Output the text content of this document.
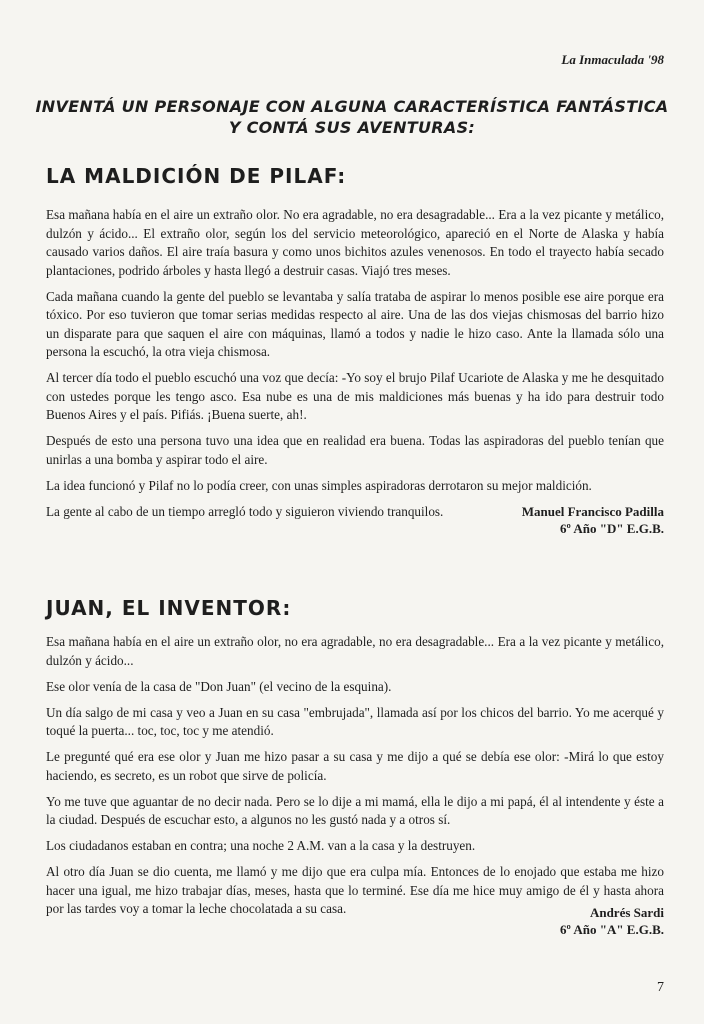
La Inmaculada '98
INVENTÁ UN PERSONAJE CON ALGUNA CARACTERÍSTICA FANTÁSTICA
Y CONTÁ SUS AVENTURAS:
LA MALDICIÓN DE PILAF:

Esa mañana había en el aire un extraño olor. No era agradable, no era desagradable... Era a la vez picante y metálico, dulzón y ácido... El extraño olor, según los del servicio meteorológico, apareció en el Norte de Alaska y había causado varios daños. El aire traía basura y como unos bichitos azules venenosos. En todo el trayecto había secado plantaciones, podrido árboles y hasta llegó a destruir casas. Viajó tres meses.

Cada mañana cuando la gente del pueblo se levantaba y salía trataba de aspirar lo menos posible ese aire porque era tóxico. Por eso tuvieron que tomar serias medidas respecto al aire. Una de las dos viejas chismosas del barrio hizo un disparate para que saquen el aire con máquinas, llamó a todos y nadie le hizo caso. Ante la llamada sólo una persona la escuchó, la otra vieja chismosa.

Al tercer día todo el pueblo escuchó una voz que decía: -Yo soy el brujo Pilaf Ucariote de Alaska y me he desquitado con ustedes porque les tengo asco. Esa nube es una de mis maldiciones más buenas y ha ido para destruir todo Buenos Aires y el país. Pifiás. ¡Buena suerte, ah!.

Después de esto una persona tuvo una idea que en realidad era buena. Todas las aspiradoras del pueblo tenían que unirlas a una bomba y aspirar todo el aire.

La idea funcionó y Pilaf no lo podía creer, con unas simples aspiradoras derrotaron su mejor maldición.

La gente al cabo de un tiempo arregló todo y siguieron viviendo tranquilos.	Manuel Francisco Padilla
6º Año "D" E.G.B.
JUAN, EL INVENTOR:

Esa mañana había en el aire un extraño olor, no era agradable, no era desagradable... Era a la vez picante y metálico, dulzón y ácido...

Ese olor venía de la casa de "Don Juan" (el vecino de la esquina).

Un día salgo de mi casa y veo a Juan en su casa "embrujada", llamada así por los chicos del barrio. Yo me acerqué y toqué la puerta... toc, toc, toc y me atendió.

Le pregunté qué era ese olor y Juan me hizo pasar a su casa y me dijo a qué se debía ese olor: -Mirá lo que estoy haciendo, es secreto, es un robot que sirve de policía.

Yo me tuve que aguantar de no decir nada. Pero se lo dije a mi mamá, ella le dijo a mi papá, él al intendente y éste a la ciudad. Después de escuchar esto, a algunos no les gustó nada y a otros sí.

Los ciudadanos estaban en contra; una noche 2 A.M. van a la casa y la destruyen.

Al otro día Juan se dio cuenta, me llamó y me dijo que era culpa mía. Entonces de lo enojado que estaba me hizo hacer una igual, me hizo trabajar días, meses, hasta que lo terminé. Ese día me hice muy amigo de él y hasta ahora por las tardes voy a tomar la leche chocolatada a su casa.	Andrés Sardi
6º Año "A" E.G.B.
7
